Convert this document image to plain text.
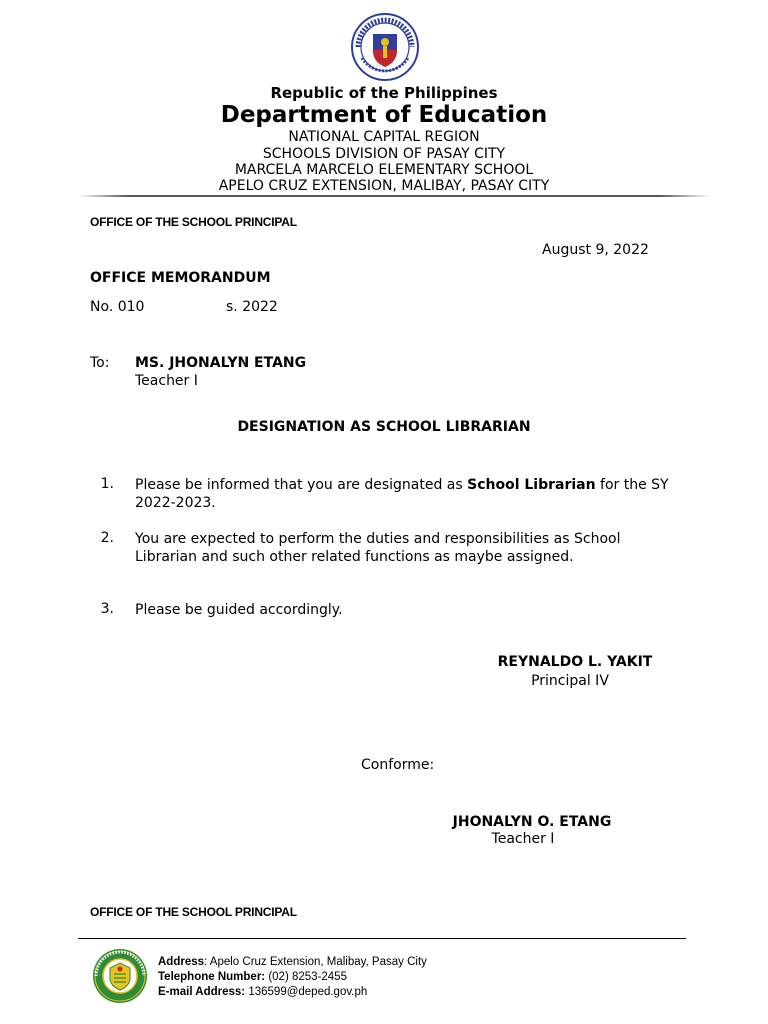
Republic of the Philippines
Department of Education
NATIONAL CAPITAL REGION
SCHOOLS DIVISION OF PASAY CITY
MARCELA MARCELO ELEMENTARY SCHOOL
APELO CRUZ EXTENSION, MALIBAY, PASAY CITY
OFFICE OF THE SCHOOL PRINCIPAL
August 9, 2022
OFFICE MEMORANDUM
No. 010	s. 2022
To: MS. JHONALYN ETANG
Teacher I
DESIGNATION AS SCHOOL LIBRARIAN
1. Please be informed that you are designated as School Librarian for the SY 2022-2023.
2. You are expected to perform the duties and responsibilities as School Librarian and such other related functions as maybe assigned.
3. Please be guided accordingly.
REYNALDO L. YAKIT
Principal IV
Conforme:
JHONALYN O. ETANG
Teacher I
OFFICE OF THE SCHOOL PRINCIPAL
Address: Apelo Cruz Extension, Malibay, Pasay City
Telephone Number: (02) 8253-2455
E-mail Address: 136599@deped.gov.ph
